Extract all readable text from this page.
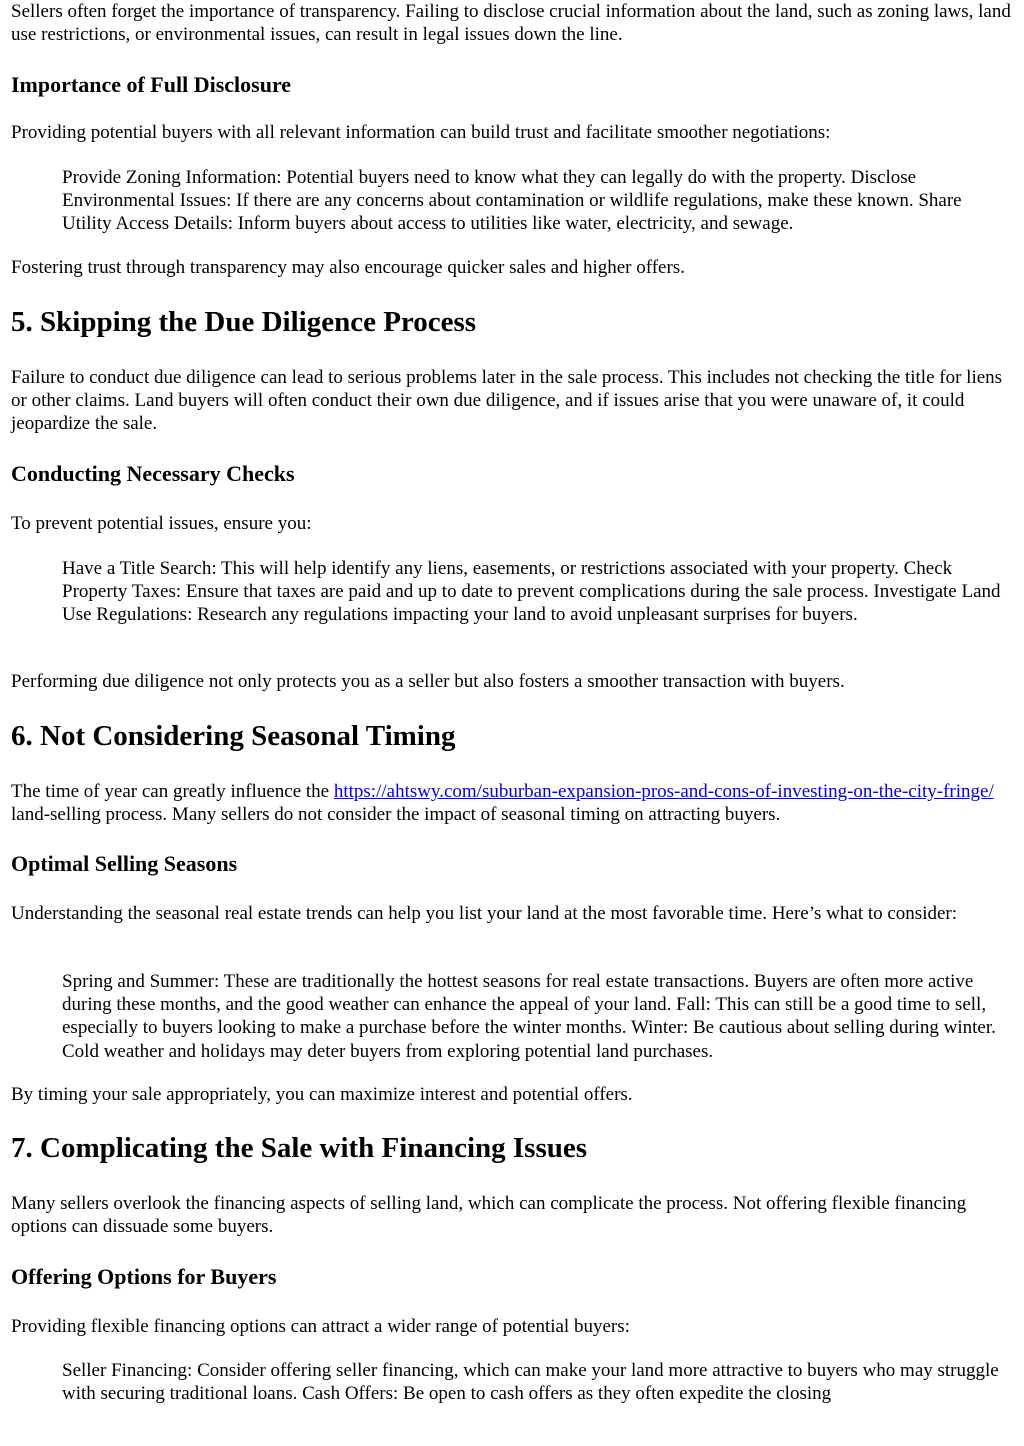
Sellers often forget the importance of transparency. Failing to disclose crucial information about the land, such as zoning laws, land use restrictions, or environmental issues, can result in legal issues down the line.

Importance of Full Disclosure

Providing potential buyers with all relevant information can build trust and facilitate smoother negotiations:

Provide Zoning Information: Potential buyers need to know what they can legally do with the property. Disclose Environmental Issues: If there are any concerns about contamination or wildlife regulations, make these known. Share Utility Access Details: Inform buyers about access to utilities like water, electricity, and sewage.

Fostering trust through transparency may also encourage quicker sales and higher offers.

5. Skipping the Due Diligence Process

Failure to conduct due diligence can lead to serious problems later in the sale process. This includes not checking the title for liens or other claims. Land buyers will often conduct their own due diligence, and if issues arise that you were unaware of, it could jeopardize the sale.

Conducting Necessary Checks

To prevent potential issues, ensure you:

Have a Title Search: This will help identify any liens, easements, or restrictions associated with your property. Check Property Taxes: Ensure that taxes are paid and up to date to prevent complications during the sale process. Investigate Land Use Regulations: Research any regulations impacting your land to avoid unpleasant surprises for buyers.

Performing due diligence not only protects you as a seller but also fosters a smoother transaction with buyers.

6. Not Considering Seasonal Timing

The time of year can greatly influence the https://ahtswy.com/suburban-expansion-pros-and-cons-of-investing-on-the-city-fringe/ land-selling process. Many sellers do not consider the impact of seasonal timing on attracting buyers.

Optimal Selling Seasons

Understanding the seasonal real estate trends can help you list your land at the most favorable time. Here’s what to consider:

Spring and Summer: These are traditionally the hottest seasons for real estate transactions. Buyers are often more active during these months, and the good weather can enhance the appeal of your land. Fall: This can still be a good time to sell, especially to buyers looking to make a purchase before the winter months. Winter: Be cautious about selling during winter. Cold weather and holidays may deter buyers from exploring potential land purchases.

By timing your sale appropriately, you can maximize interest and potential offers.

7. Complicating the Sale with Financing Issues

Many sellers overlook the financing aspects of selling land, which can complicate the process. Not offering flexible financing options can dissuade some buyers.

Offering Options for Buyers

Providing flexible financing options can attract a wider range of potential buyers:

Seller Financing: Consider offering seller financing, which can make your land more attractive to buyers who may struggle with securing traditional loans. Cash Offers: Be open to cash offers as they often expedite the closing
